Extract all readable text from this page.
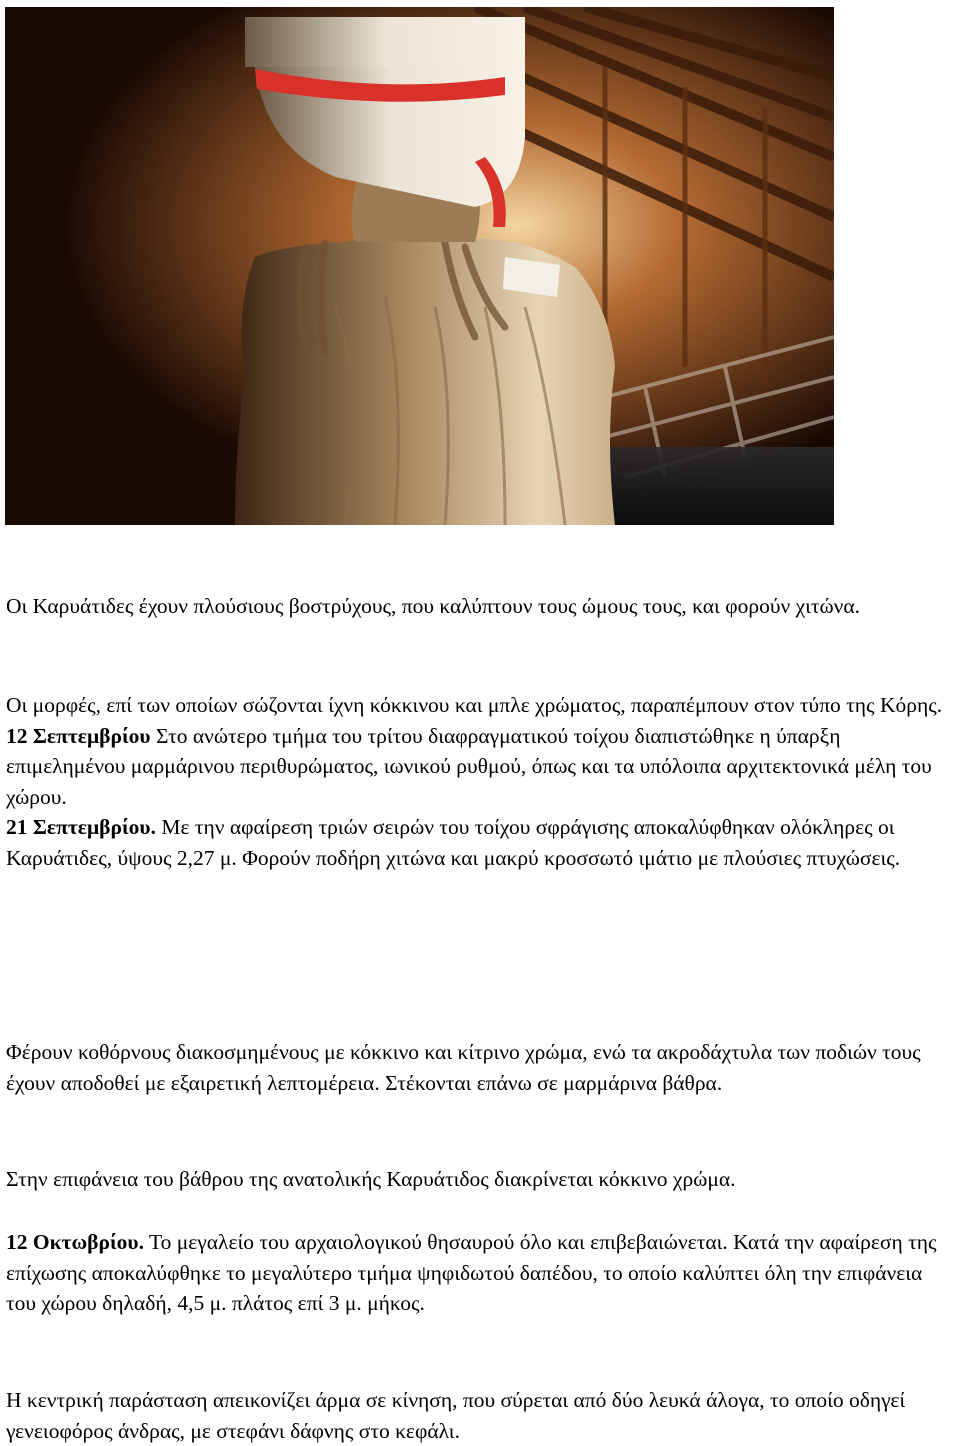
Οι Καρυάτιδες έχουν πλούσιους βοστρύχους, που καλύπτουν τους ώμους τους, και φορούν χιτώνα.

Οι μορφές, επί των οποίων σώζονται ίχνη κόκκινου και μπλε χρώματος, παραπέμπουν στον τύπο της Κόρης.

12 Σεπτεμβρίου Στο ανώτερο τμήμα του τρίτου διαφραγματικού τοίχου διαπιστώθηκε η ύπαρξη επιμελημένου μαρμάρινου περιθυρώματος, ιωνικού ρυθμού, όπως και τα υπόλοιπα αρχιτεκτονικά μέλη του χώρου.

21 Σεπτεμβρίου. Με την αφαίρεση τριών σειρών του τοίχου σφράγισης αποκαλύφθηκαν ολόκληρες οι Καρυάτιδες, ύψους 2,27 μ. Φορούν ποδήρη χιτώνα και μακρύ κροσσωτό ιμάτιο με πλούσιες πτυχώσεις.

Φέρουν κοθόρνους διακοσμημένους με κόκκινο και κίτρινο χρώμα, ενώ τα ακροδάχτυλα των ποδιών τους έχουν αποδοθεί με εξαιρετική λεπτομέρεια. Στέκονται επάνω σε μαρμάρινα βάθρα.

Στην επιφάνεια του βάθρου της ανατολικής Καρυάτιδος διακρίνεται κόκκινο χρώμα.

12 Οκτωβρίου. Το μεγαλείο του αρχαιολογικού θησαυρού όλο και επιβεβαιώνεται. Κατά την αφαίρεση της επίχωσης αποκαλύφθηκε το μεγαλύτερο τμήμα ψηφιδωτού δαπέδου, το οποίο καλύπτει όλη την επιφάνεια του χώρου δηλαδή, 4,5 μ. πλάτος επί 3 μ. μήκος.

Η κεντρική παράσταση απεικονίζει άρμα σε κίνηση, που σύρεται από δύο λευκά άλογα, το οποίο οδηγεί γενειοφόρος άνδρας, με στεφάνι δάφνης στο κεφάλι.
